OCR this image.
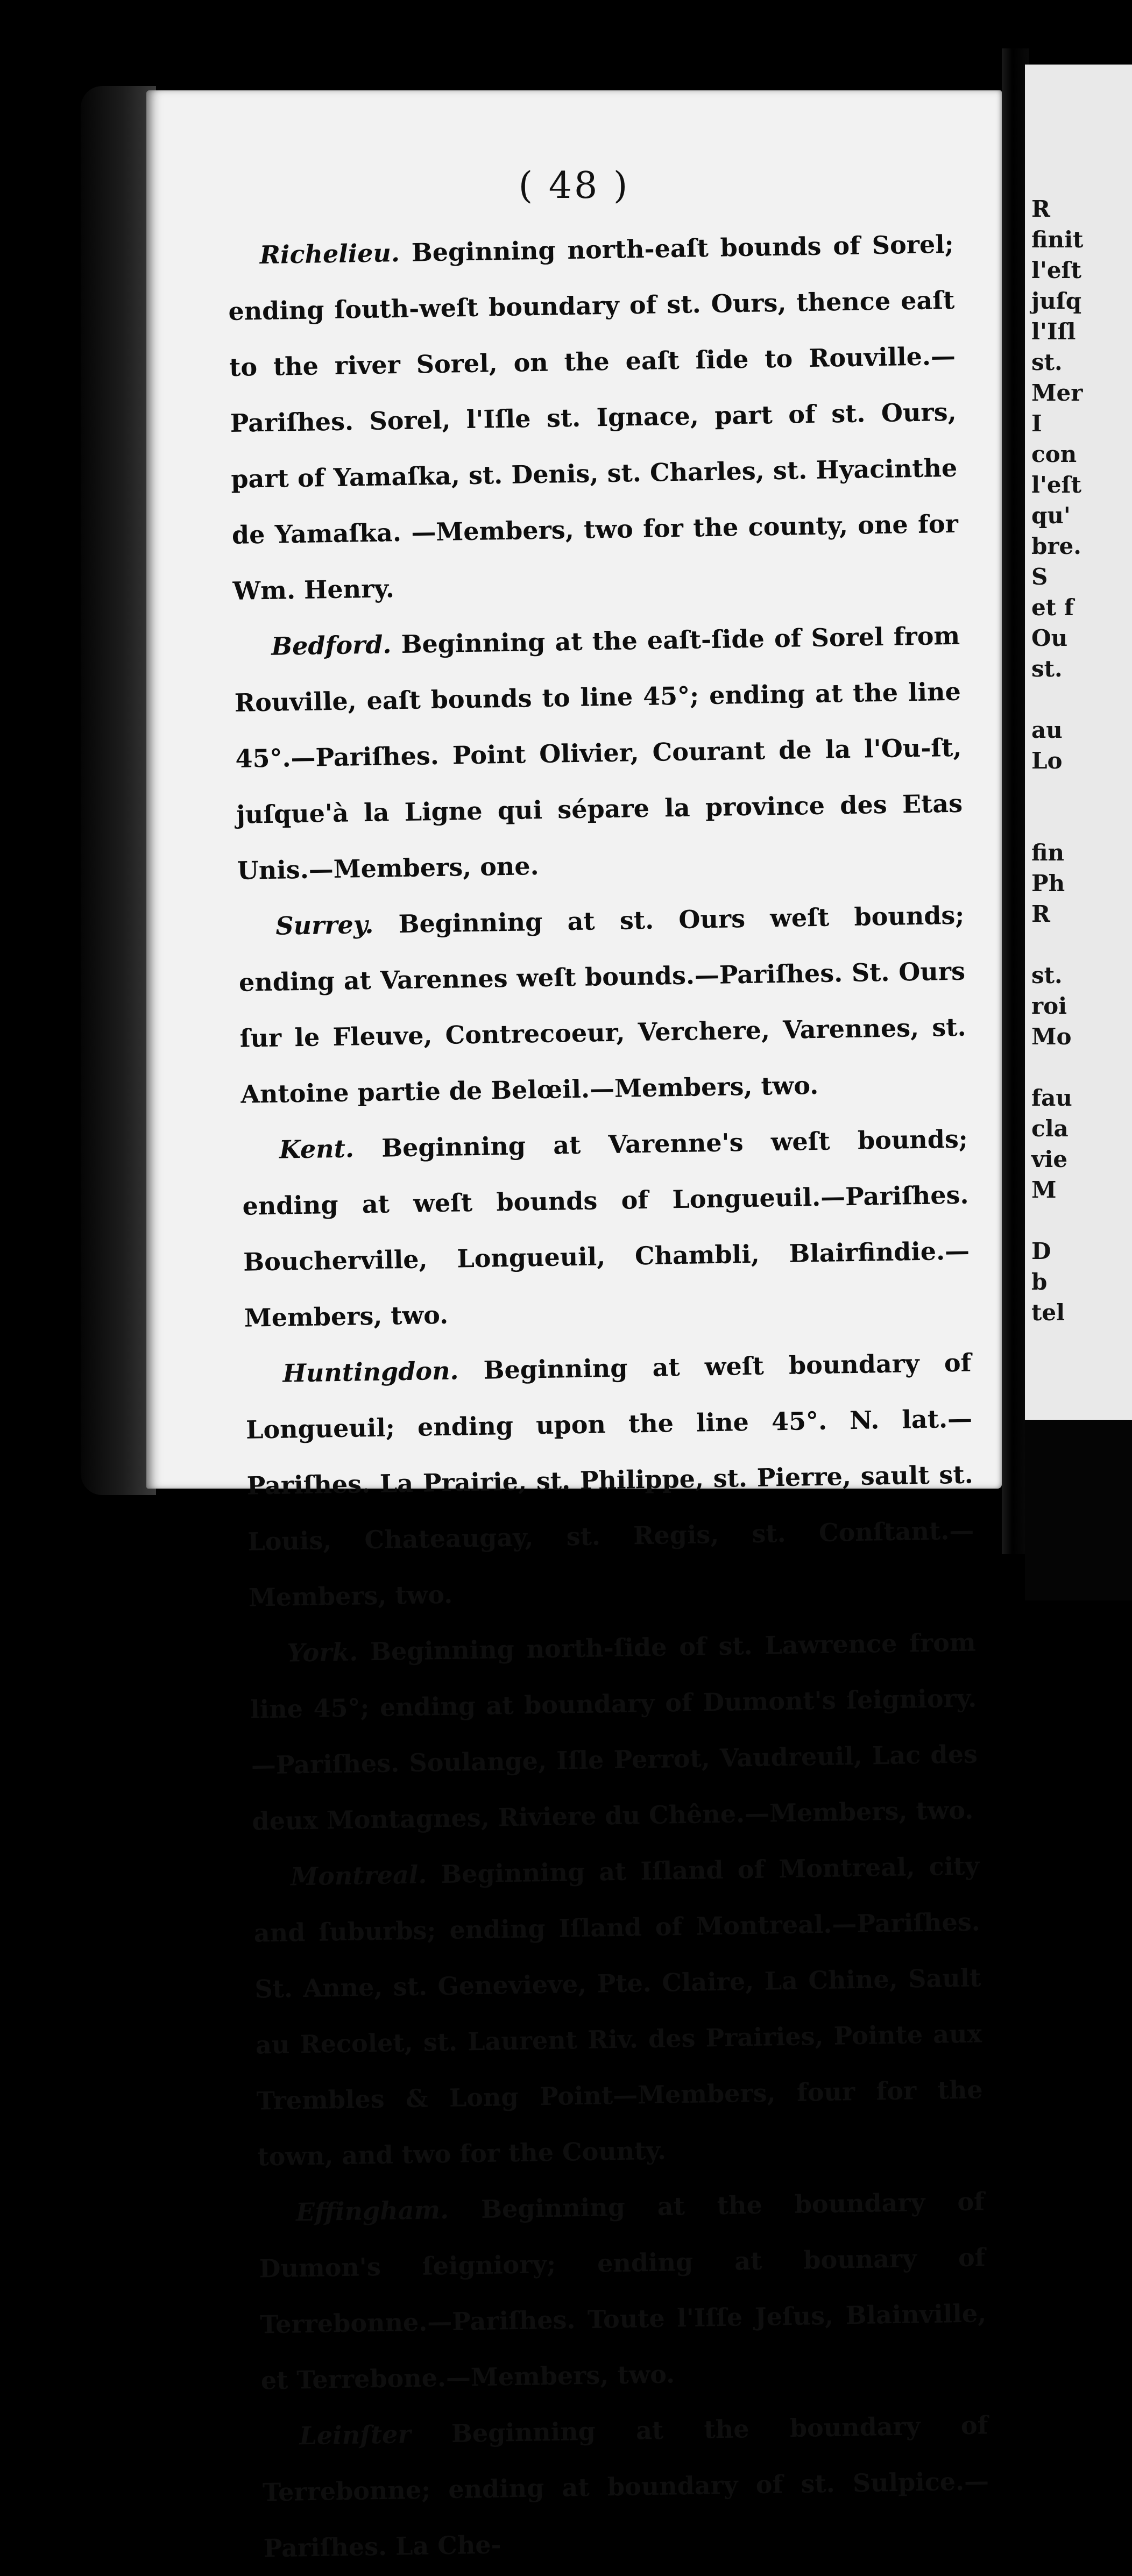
( 48 )

Richelieu. Beginning north-eaſt bounds of Sorel; ending ſouth-weſt boundary of st. Ours, thence eaſt to the river Sorel, on the eaſt ſide to Rouville.—Pariſhes. Sorel, l'Iſle st. Ignace, part of st. Ours, part of Yamaſka, st. Denis, st. Charles, st. Hyacinthe de Yamaſka. —Members, two for the county, one for Wm. Henry.

Bedford. Beginning at the eaſt-ſide of Sorel from Rouville, eaſt bounds to line 45°; ending at the line 45°.—Pariſhes. Point Olivier, Courant de la l'Ou-ſt, juſque'à la Ligne qui sépare la province des Etas Unis.—Members, one.

Surrey. Beginning at st. Ours weſt bounds; ending at Varennes weſt bounds.—Pariſhes. St. Ours ſur le Fleuve, Contrecoeur, Verchere, Varennes, st. Antoine partie de Belœil.—Members, two.

Kent. Beginning at Varenne's weſt bounds; ending at weſt bounds of Longueuil.—Pariſhes. Boucherville, Longueuil, Chambli, Blairfindie.—Members, two.

Huntingdon. Beginning at weſt boundary of Longueuil; ending upon the line 45°. N. lat.—Pariſhes. La Prairie, st. Philippe, st. Pierre, sault st. Louis, Chateaugay, st. Regis, st. Conſtant.—Members, two.

York. Beginning north-ſide of st. Lawrence from line 45°; ending at boundary of Dumont's ſeigniory. —Pariſhes. Soulange, Iſle Perrot, Vaudreuil, Lac des deux Montagnes, Riviere du Chêne.—Members, two.

Montreal. Beginning at Iſland of Montreal, city and ſuburbs; ending Iſland of Montreal.—Pariſhes. St. Anne, st. Genevieve, Pte. Claire, La Chine, Sault au Recolet, st. Laurent Riv. des Prairies, Pointe aux Trembles & Long Point—Members, four for the town, and two for the County.

Effingham. Beginning at the boundary of Dumon's ſeigniory; ending at bounary of Terrebonne.—Pariſhes. Toute l'Iſſe Jeſus, Blainville, et Terrebone.—Members, two.

Leinſter Beginning at the boundary of Terrebonne; ending at boundary of st. Sulpice.—Pariſhes. La Che-

R
finit
l'eſt
juſq
l'Iſl
st.
Mer
I
con
l'eſt
qu'
bre.
S
et f
Ou
st.

au
Lo

fin
Ph
R

st.
roi
Mo

fau
cla
vie
M

D
b
tel
